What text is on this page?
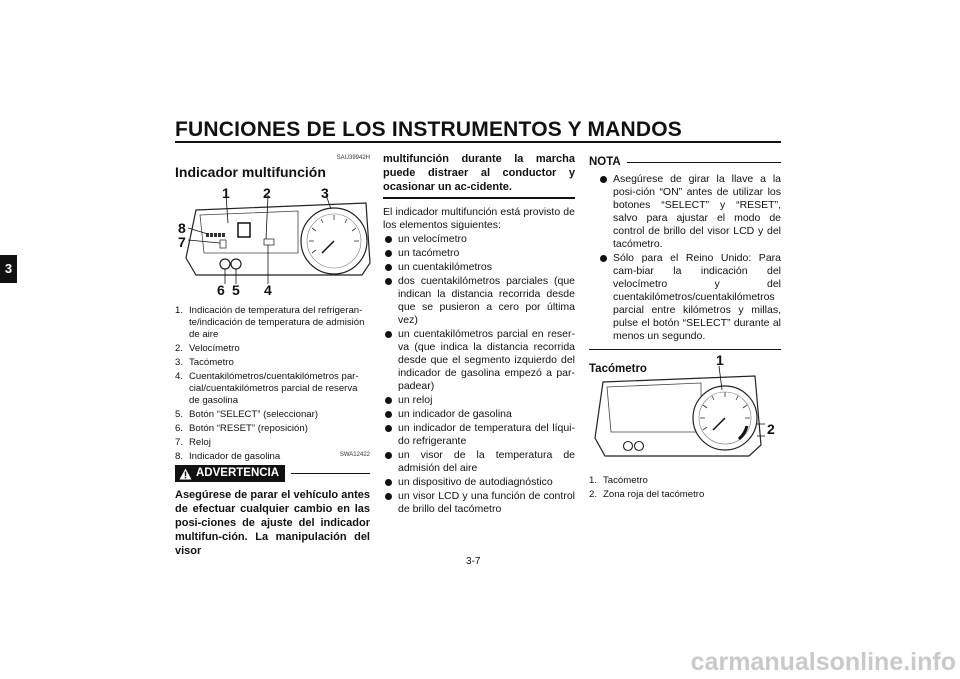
FUNCIONES DE LOS INSTRUMENTOS Y MANDOS
3
SAU39942H
Indicador multifunción
1 2	3
8
7
6 5 4
1. Indicación de temperatura del refrigeran-te/indicación de temperatura de admisión de aire
2. Velocímetro
3. Tacómetro
4. Cuentakilómetros/cuentakilómetros par-cial/cuentakilómetros parcial de reserva de gasolina
5. Botón “SELECT” (seleccionar)
6. Botón “RESET” (reposición)
7. Reloj
8. Indicador de gasolina	SWA12422
ADVERTENCIA
Asegúrese de parar el vehículo antes de efectuar cualquier cambio en las posi-ciones de ajuste del indicador multifun-ción. La manipulación del visor
multifunción durante la marcha puede distraer al conductor y ocasionar un ac-cidente.
El indicador multifunción está provisto de los elementos siguientes:
un velocímetro
un tacómetro
un cuentakilómetros
dos cuentakilómetros parciales (que indican la distancia recorrida desde que se pusieron a cero por última vez)
un cuentakilómetros parcial en reser-va (que indica la distancia recorrida desde que el segmento izquierdo del indicador de gasolina empezó a par-padear)
un reloj
un indicador de gasolina
un indicador de temperatura del líqui-do refrigerante
un visor de la temperatura de admisión del aire
un dispositivo de autodiagnóstico
un visor LCD y una función de control de brillo del tacómetro
NOTA
Asegúrese de girar la llave a la posi-ción “ON” antes de utilizar los botones “SELECT” y “RESET”, salvo para ajustar el modo de control de brillo del visor LCD y del tacómetro.
Sólo para el Reino Unido: Para cam-biar la indicación del velocímetro y del cuentakilómetros/cuentakilómetros parcial entre kilómetros y millas, pulse el botón “SELECT” durante al menos un segundo.
Tacómetro
1
2
1. Tacómetro
2. Zona roja del tacómetro
3-7
carmanualsonline.info
